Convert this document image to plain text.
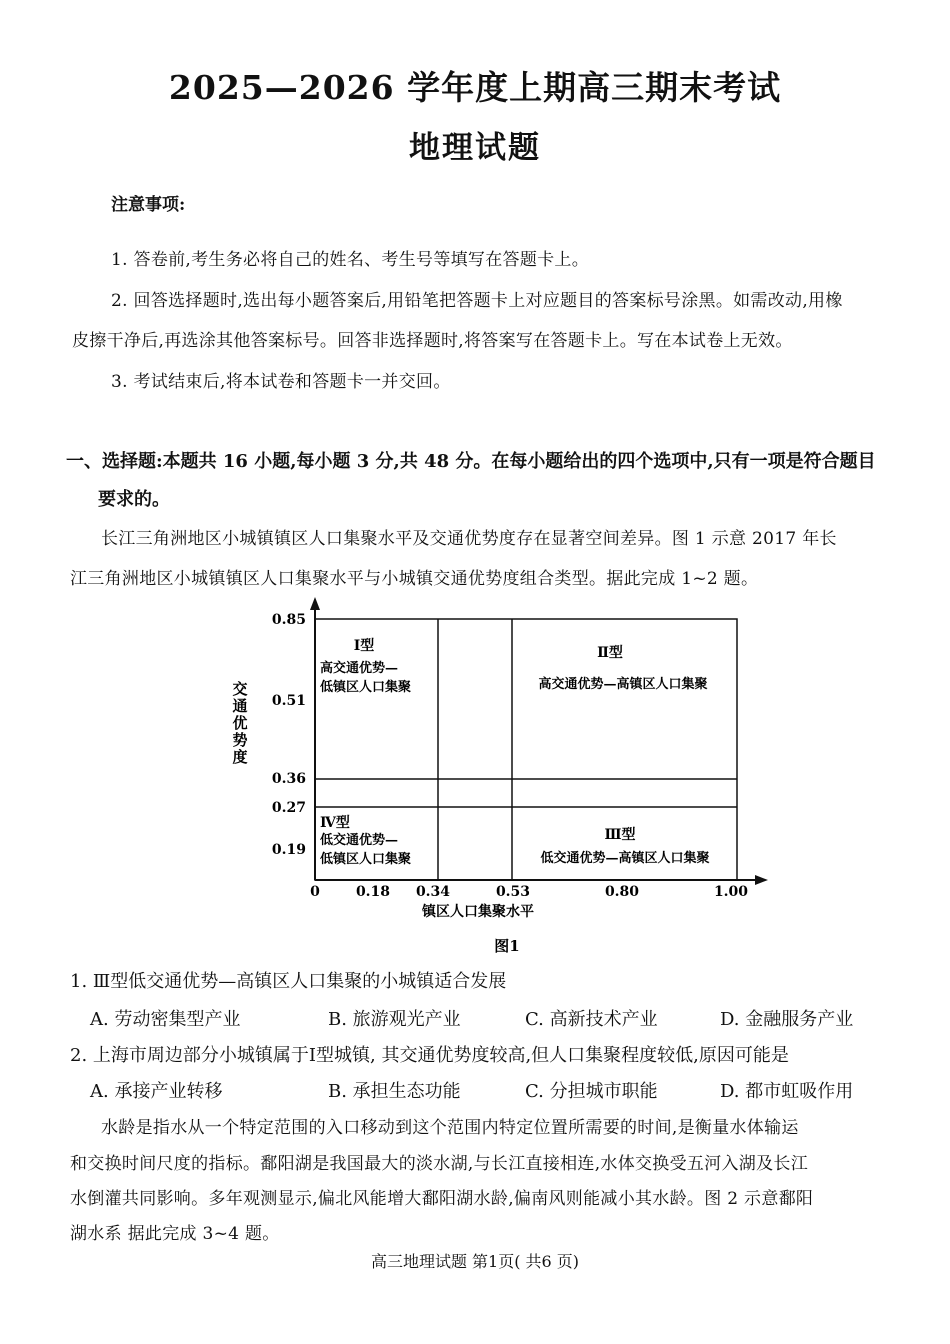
2025—2026 学年度上期高三期末考试
地理试题
注意事项:
1. 答卷前,考生务必将自己的姓名、考生号等填写在答题卡上。
2. 回答选择题时,选出每小题答案后,用铅笔把答题卡上对应题目的答案标号涂黑。如需改动,用橡
皮擦干净后,再选涂其他答案标号。回答非选择题时,将答案写在答题卡上。写在本试卷上无效。
3. 考试结束后,将本试卷和答题卡一并交回。
一、选择题:本题共 16 小题,每小题 3 分,共 48 分。在每小题给出的四个选项中,只有一项是符合题目
要求的。
长江三角洲地区小城镇镇区人口集聚水平及交通优势度存在显著空间差异。图 1 示意 2017 年长
江三角洲地区小城镇镇区人口集聚水平与小城镇交通优势度组合类型。据此完成 1~2 题。
0.85
0.51
0.36
0.27
0.19
0	0.18 0.34	0.53	0.80	1.00
镇区人口集聚水平
交
通
优
势
度
Ⅰ型
高交通优势—
低镇区人口集聚
Ⅱ型
高交通优势—高镇区人口集聚
Ⅳ型
低交通优势—
低镇区人口集聚
Ⅲ型
低交通优势—高镇区人口集聚
图1
1. Ⅲ型低交通优势—高镇区人口集聚的小城镇适合发展
A. 劳动密集型产业	B. 旅游观光产业	C. 高新技术产业	D. 金融服务产业
2. 上海市周边部分小城镇属于Ⅰ型城镇, 其交通优势度较高,但人口集聚程度较低,原因可能是
A. 承接产业转移	B. 承担生态功能	C. 分担城市职能	D. 都市虹吸作用
水龄是指水从一个特定范围的入口移动到这个范围内特定位置所需要的时间,是衡量水体输运
和交换时间尺度的指标。鄱阳湖是我国最大的淡水湖,与长江直接相连,水体交换受五河入湖及长江
水倒灌共同影响。多年观测显示,偏北风能增大鄱阳湖水龄,偏南风则能减小其水龄。图 2 示意鄱阳
湖水系 据此完成 3~4 题。
高三地理试题 第1页( 共6 页)
